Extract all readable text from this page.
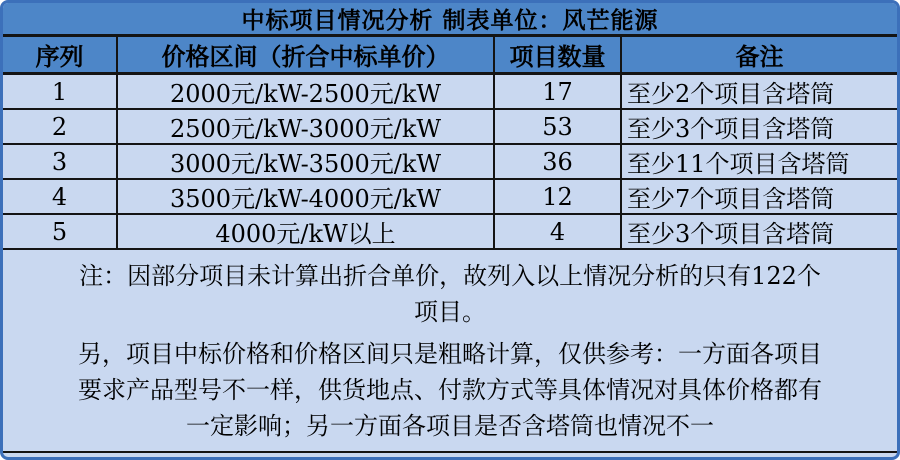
中标项目情况分析 制表单位：风芒能源
序列	价格区间（折合中标单价）	项目数量	备注
1	2000元/kW-2500元/kW	17	至少2个项目含塔筒
2	2500元/kW-3000元/kW	53	至少3个项目含塔筒
3	3000元/kW-3500元/kW	36	至少11个项目含塔筒
4	3500元/kW-4000元/kW	12	至少7个项目含塔筒
5	4000元/kW以上	4	至少3个项目含塔筒
注：因部分项目未计算出折合单价，故列入以上情况分析的只有122个
项目。
另，项目中标价格和价格区间只是粗略计算，仅供参考：一方面各项目
要求产品型号不一样，供货地点、付款方式等具体情况对具体价格都有
一定影响；另一方面各项目是否含塔筒也情况不一
